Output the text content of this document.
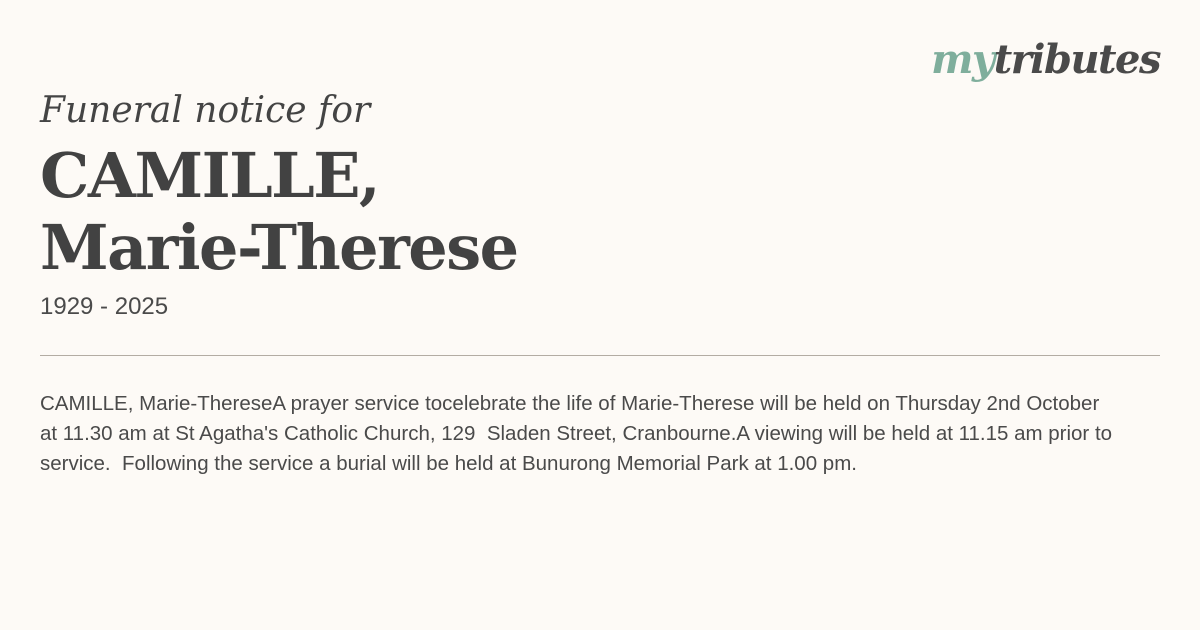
mytributes
Funeral notice for
CAMILLE,
Marie-Therese
1929 - 2025
CAMILLE, Marie-ThereseA prayer service tocelebrate the life of Marie-Therese will be held on Thursday 2nd October at 11.30 am at St Agatha's Catholic Church, 129  Sladen Street, Cranbourne.A viewing will be held at 11.15 am prior to service.  Following the service a burial will be held at Bunurong Memorial Park at 1.00 pm.
